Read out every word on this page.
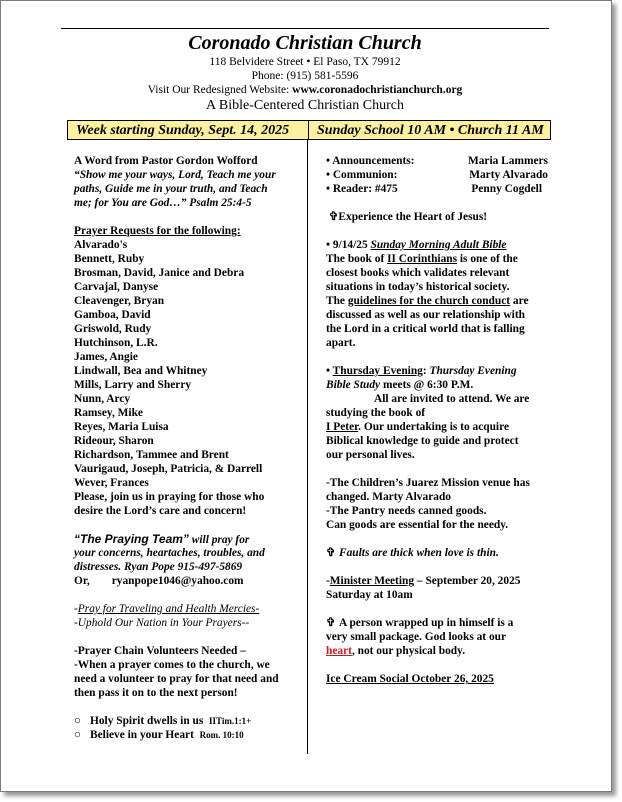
Coronado Christian Church
118 Belvidere Street • El Paso, TX 79912
Phone: (915) 581-5596
Visit Our Redesigned Website: www.coronadochristianchurch.org
A Bible-Centered Christian Church
Week starting Sunday, Sept. 14, 2025 Sunday School 10 AM • Church 11 AM
A Word from Pastor Gordon Wofford
“Show me your ways, Lord, Teach me your
paths, Guide me in your truth, and Teach
me; for You are God…” Psalm 25:4-5
Prayer Requests for the following:
Alvarado's
Bennett, Ruby
Brosman, David, Janice and Debra
Carvajal, Danyse
Cleavenger, Bryan
Gamboa, David
Griswold, Rudy
Hutchinson, L.R.
James, Angie
Lindwall, Bea and Whitney
Mills, Larry and Sherry
Nunn, Arcy
Ramsey, Mike
Reyes, Maria Luisa
Rideour, Sharon
Richardson, Tammee and Brent
Vaurigaud, Joseph, Patricia, & Darrell
Wever, Frances
Please, join us in praying for those who
desire the Lord’s care and concern!
“The Praying Team” will pray for
your concerns, heartaches, troubles, and
distresses. Ryan Pope 915-497-5869
Or, ryanpope1046@yahoo.com
-Pray for Traveling and Health Mercies-
-Uphold Our Nation in Your Prayers--
-Prayer Chain Volunteers Needed –
-When a prayer comes to the church, we
need a volunteer to pray for that need and
then pass it on to the next person!
○ Holy Spirit dwells in us IITim.1:1+
○ Believe in your Heart Rom. 10:10
• Announcements:	Maria Lammers
• Communion:	Marty Alvarado
• Reader: #475	Penny Cogdell
✞Experience the Heart of Jesus!
• 9/14/25 Sunday Morning Adult Bible
The book of II Corinthians is one of the
closest books which validates relevant
situations in today’s historical society.
The guidelines for the church conduct are
discussed as well as our relationship with
the Lord in a critical world that is falling
apart.
• Thursday Evening: Thursday Evening
Bible Study meets @ 6:30 P.M.
All are invited to attend. We are
studying the book of
I Peter. Our undertaking is to acquire
Biblical knowledge to guide and protect
our personal lives.
-The Children’s Juarez Mission venue has
changed. Marty Alvarado
-The Pantry needs canned goods.
Can goods are essential for the needy.
✞ Faults are thick when love is thin.
-Minister Meeting – September 20, 2025
Saturday at 10am
✞ A person wrapped up in himself is a
very small package. God looks at our
heart, not our physical body.
Ice Cream Social October 26, 2025
